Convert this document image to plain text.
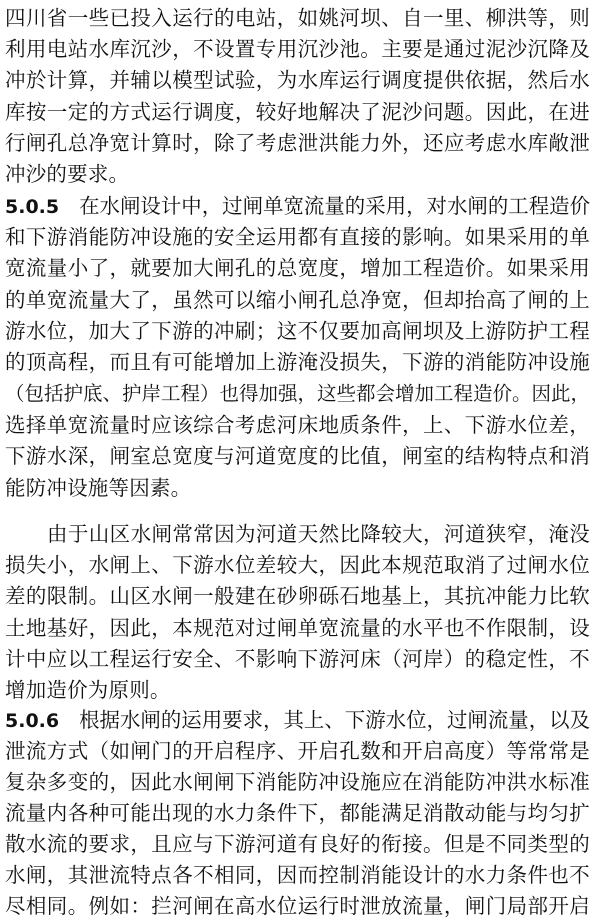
四川省一些已投入运行的电站，如姚河坝、自一里、柳洪等，则
利用电站水库沉沙，不设置专用沉沙池。主要是通过泥沙沉降及
冲於计算，并辅以模型试验，为水库运行调度提供依据，然后水
库按一定的方式运行调度，较好地解决了泥沙问题。因此，在进
行闸孔总净宽计算时，除了考虑泄洪能力外，还应考虑水库敞泄
冲沙的要求。
5.0.5 在水闸设计中，过闸单宽流量的采用，对水闸的工程造价
和下游消能防冲设施的安全运用都有直接的影响。如果采用的单
宽流量小了，就要加大闸孔的总宽度，增加工程造价。如果采用
的单宽流量大了，虽然可以缩小闸孔总净宽，但却抬高了闸的上
游水位，加大了下游的冲刷；这不仅要加高闸坝及上游防护工程
的顶高程，而且有可能增加上游淹没损失，下游的消能防冲设施
（包括护底、护岸工程）也得加强，这些都会增加工程造价。因此，
选择单宽流量时应该综合考虑河床地质条件，上、下游水位差，
下游水深，闸室总宽度与河道宽度的比值，闸室的结构特点和消
能防冲设施等因素。
由于山区水闸常常因为河道天然比降较大，河道狭窄，淹没
损失小，水闸上、下游水位差较大，因此本规范取消了过闸水位
差的限制。山区水闸一般建在砂卵砾石地基上，其抗冲能力比软
土地基好，因此，本规范对过闸单宽流量的水平也不作限制，设
计中应以工程运行安全、不影响下游河床（河岸）的稳定性，不
增加造价为原则。
5.0.6 根据水闸的运用要求，其上、下游水位，过闸流量，以及
泄流方式（如闸门的开启程序、开启孔数和开启高度）等常常是
复杂多变的，因此水闸闸下消能防冲设施应在消能防冲洪水标准
流量内各种可能出现的水力条件下，都能满足消散动能与均匀扩
散水流的要求，且应与下游河道有良好的衔接。但是不同类型的
水闸，其泄流特点各不相同，因而控制消能设计的水力条件也不
尽相同。例如：拦河闸在高水位运行时泄放流量，闸门局部开启
